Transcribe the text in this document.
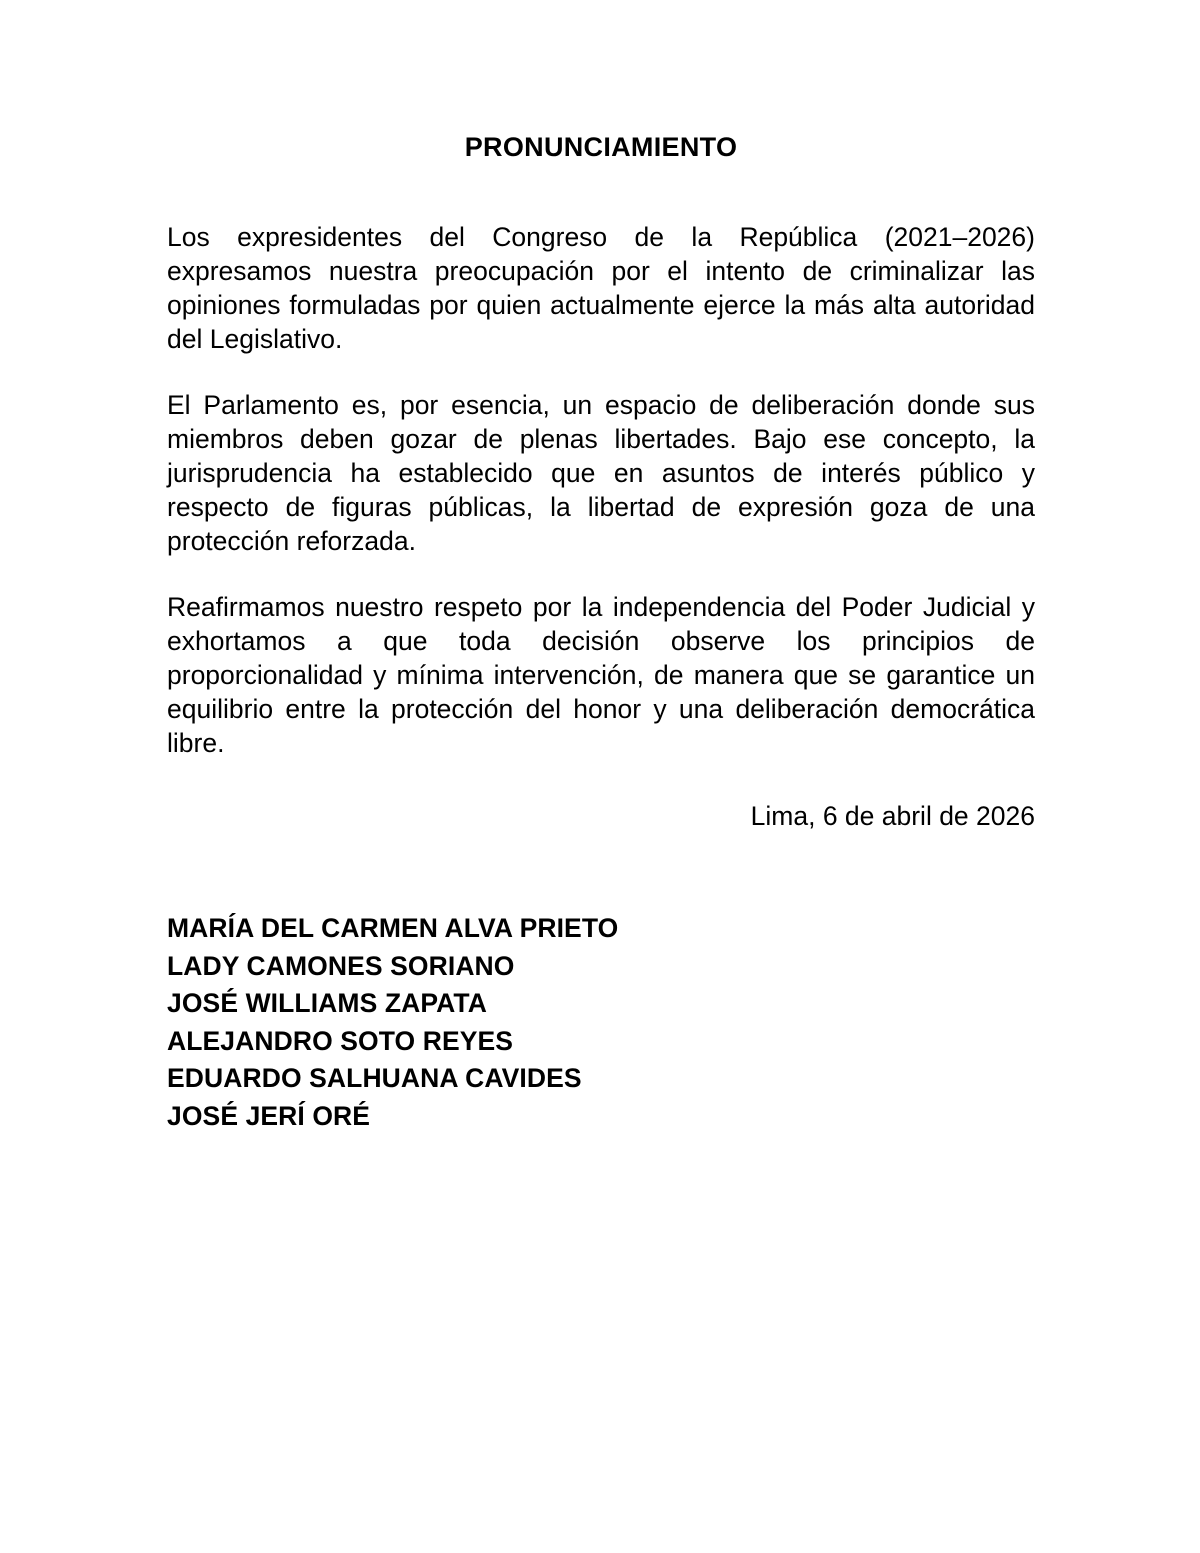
PRONUNCIAMIENTO

Los expresidentes del Congreso de la República (2021–2026) expresamos nuestra preocupación por el intento de criminalizar las opiniones formuladas por quien actualmente ejerce la más alta autoridad del Legislativo.

El Parlamento es, por esencia, un espacio de deliberación donde sus miembros deben gozar de plenas libertades. Bajo ese concepto, la jurisprudencia ha establecido que en asuntos de interés público y respecto de figuras públicas, la libertad de expresión goza de una protección reforzada.

Reafirmamos nuestro respeto por la independencia del Poder Judicial y exhortamos a que toda decisión observe los principios de proporcionalidad y mínima intervención, de manera que se garantice un equilibrio entre la protección del honor y una deliberación democrática libre.

Lima, 6 de abril de 2026
MARÍA DEL CARMEN ALVA PRIETO
LADY CAMONES SORIANO
JOSÉ WILLIAMS ZAPATA
ALEJANDRO SOTO REYES
EDUARDO SALHUANA CAVIDES
JOSÉ JERÍ ORÉ
